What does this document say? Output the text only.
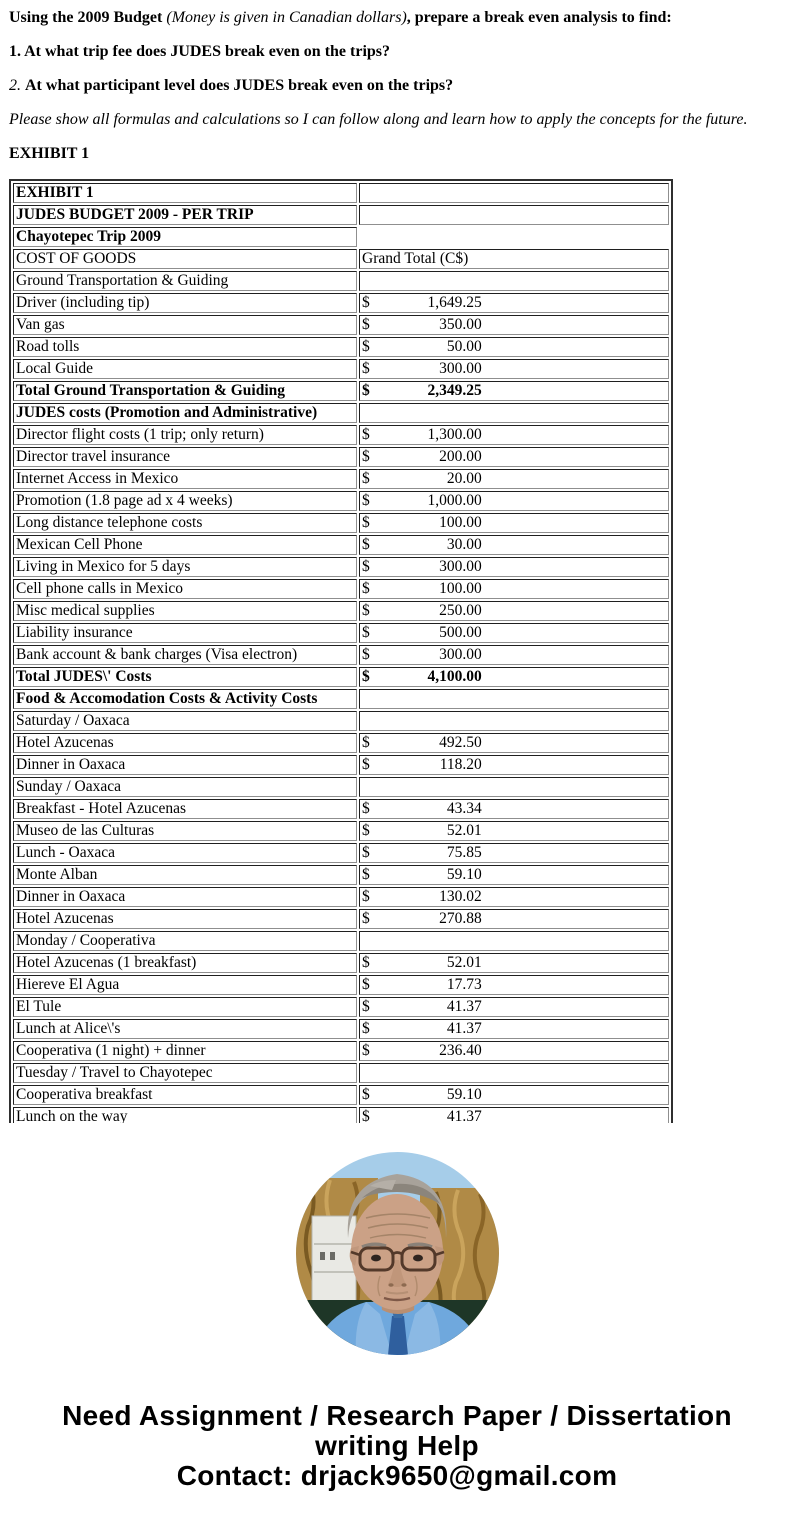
Using the 2009 Budget (Money is given in Canadian dollars), prepare a break even analysis to find:

1. At what trip fee does JUDES break even on the trips?

2. At what participant level does JUDES break even on the trips?

Please show all formulas and calculations so I can follow along and learn how to apply the concepts for the future.

EXHIBIT 1

EXHIBIT 1	
JUDES BUDGET 2009 - PER TRIP	
Chayotepec Trip 2009	
COST OF GOODS	Grand Total (C$)
Ground Transportation & Guiding	
Driver (including tip)	$ 1,649.25
Van gas	$ 350.00
Road tolls	$ 50.00
Local Guide	$ 300.00
Total Ground Transportation & Guiding	$ 2,349.25
JUDES costs (Promotion and Administrative)	
Director flight costs (1 trip; only return)	$ 1,300.00
Director travel insurance	$ 200.00
Internet Access in Mexico	$ 20.00
Promotion (1.8 page ad x 4 weeks)	$ 1,000.00
Long distance telephone costs	$ 100.00
Mexican Cell Phone	$ 30.00
Living in Mexico for 5 days	$ 300.00
Cell phone calls in Mexico	$ 100.00
Misc medical supplies	$ 250.00
Liability insurance	$ 500.00
Bank account & bank charges (Visa electron)	$ 300.00
Total JUDES\' Costs	$ 4,100.00
Food & Accomodation Costs & Activity Costs	
Saturday / Oaxaca	
Hotel Azucenas	$ 492.50
Dinner in Oaxaca	$ 118.20
Sunday / Oaxaca	
Breakfast - Hotel Azucenas	$ 43.34
Museo de las Culturas	$ 52.01
Lunch - Oaxaca	$ 75.85
Monte Alban	$ 59.10
Dinner in Oaxaca	$ 130.02
Hotel Azucenas	$ 270.88
Monday / Cooperativa	
Hotel Azucenas (1 breakfast)	$ 52.01
Hiereve El Agua	$ 17.73
El Tule	$ 41.37
Lunch at Alice\'s	$ 41.37
Cooperativa (1 night) + dinner	$ 236.40
Tuesday / Travel to Chayotepec	
Cooperativa breakfast	$ 59.10
Lunch on the way	$ 41.37
Need Assignment / Research Paper / Dissertation
writing Help
Contact: drjack9650@gmail.com
